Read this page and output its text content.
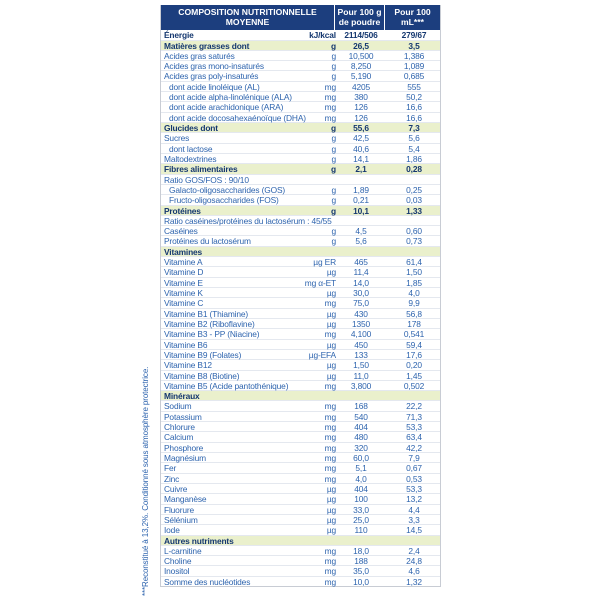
***Reconstitué à 13,2%. Conditionné sous atmosphère protectrice.
COMPOSITION NUTRITIONNELLE MOYENNE
Pour 100 g de poudre
Pour 100 mL***
Énergie	kJ/kcal 2114/506	279/67
Matières grasses dont	g	26,5	3,5
Acides gras saturés	g	10,500	1,386
Acides gras mono-insaturés	g	8,250	1,089
Acides gras poly-insaturés	g	5,190	0,685
dont acide linoléique (AL)	mg	4205	555
dont acide alpha-linolénique (ALA)	mg	380	50,2
dont acide arachidonique (ARA)	mg	126	16,6
dont acide docosahexaénoïque (DHA)	mg	126	16,6
Glucides dont	g	55,6	7,3
Sucres	g	42,5	5,6
dont lactose	g	40,6	5,4
Maltodextrines	g	14,1	1,86
Fibres alimentaires	g	2,1	0,28
Ratio GOS/FOS : 90/10
Galacto-oligosaccharides (GOS)	g	1,89	0,25
Fructo-oligosaccharides (FOS)	g	0,21	0,03
Protéines	g	10,1	1,33
Ratio caséines/protéines du lactosérum : 45/55
Caséines	g	4,5	0,60
Protéines du lactosérum	g	5,6	0,73
Vitamines
Vitamine A	µg ER	465	61,4
Vitamine D	µg	11,4	1,50
Vitamine E	mg α-ET	14,0	1,85
Vitamine K	µg	30,0	4,0
Vitamine C	mg	75,0	9,9
Vitamine B1 (Thiamine)	µg	430	56,8
Vitamine B2 (Riboflavine)	µg	1350	178
Vitamine B3 - PP (Niacine)	mg	4,100	0,541
Vitamine B6	µg	450	59,4
Vitamine B9 (Folates)	µg-EFA	133	17,6
Vitamine B12	µg	1,50	0,20
Vitamine B8 (Biotine)	µg	11,0	1,45
Vitamine B5 (Acide pantothénique)	mg	3,800	0,502
Minéraux
Sodium	mg	168	22,2
Potassium	mg	540	71,3
Chlorure	mg	404	53,3
Calcium	mg	480	63,4
Phosphore	mg	320	42,2
Magnésium	mg	60,0	7,9
Fer	mg	5,1	0,67
Zinc	mg	4,0	0,53
Cuivre	µg	404	53,3
Manganèse	µg	100	13,2
Fluorure	µg	33,0	4,4
Sélénium	µg	25,0	3,3
Iode	µg	110	14,5
Autres nutriments
L-carnitine	mg	18,0	2,4
Choline	mg	188	24,8
Inositol	mg	35,0	4,6
Somme des nucléotides	mg	10,0	1,32
